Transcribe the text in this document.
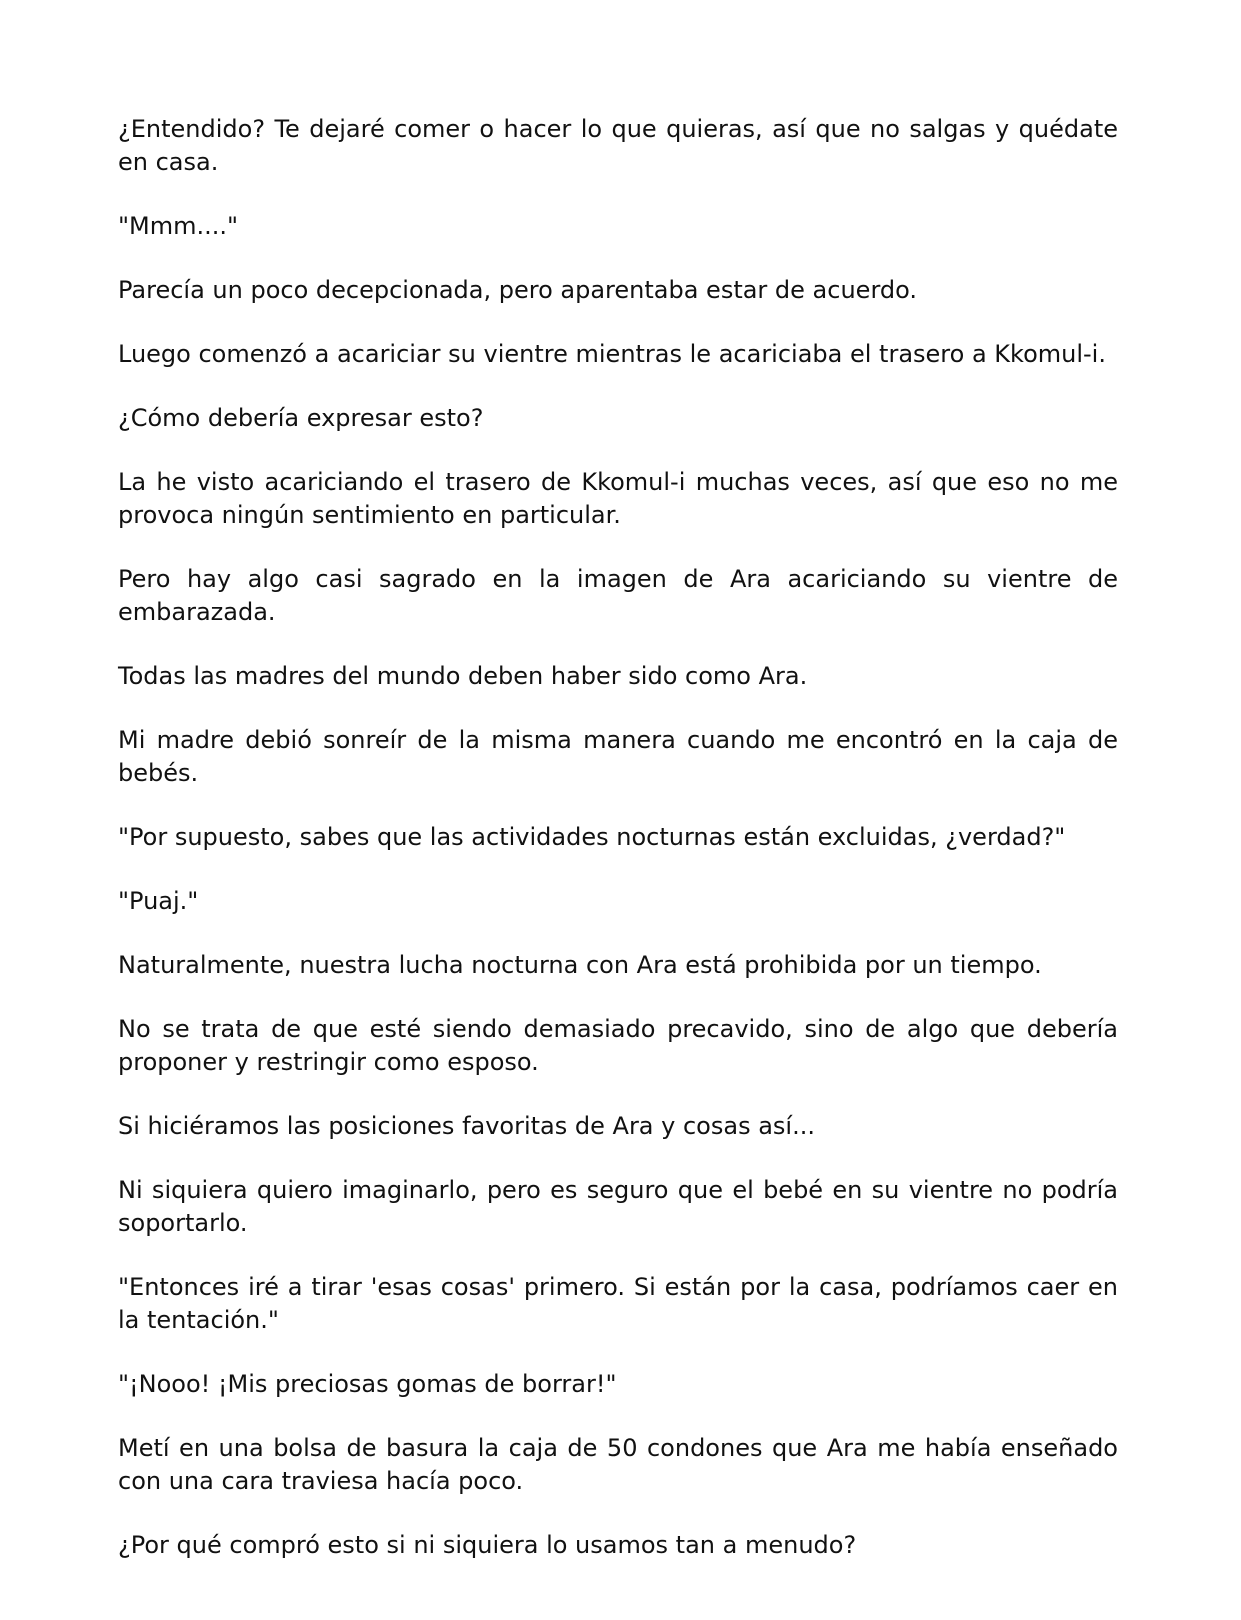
¿Entendido? Te dejaré comer o hacer lo que quieras, así que no salgas y quédate en casa.

"Mmm...."

Parecía un poco decepcionada, pero aparentaba estar de acuerdo.

Luego comenzó a acariciar su vientre mientras le acariciaba el trasero a Kkomul-i.

¿Cómo debería expresar esto?

La he visto acariciando el trasero de Kkomul-i muchas veces, así que eso no me provoca ningún sentimiento en particular.

Pero hay algo casi sagrado en la imagen de Ara acariciando su vientre de embarazada.

Todas las madres del mundo deben haber sido como Ara.

Mi madre debió sonreír de la misma manera cuando me encontró en la caja de bebés.

"Por supuesto, sabes que las actividades nocturnas están excluidas, ¿verdad?"

"Puaj."

Naturalmente, nuestra lucha nocturna con Ara está prohibida por un tiempo.

No se trata de que esté siendo demasiado precavido, sino de algo que debería proponer y restringir como esposo.

Si hiciéramos las posiciones favoritas de Ara y cosas así...

Ni siquiera quiero imaginarlo, pero es seguro que el bebé en su vientre no podría soportarlo.

"Entonces iré a tirar 'esas cosas' primero. Si están por la casa, podríamos caer en la tentación."

"¡Nooo! ¡Mis preciosas gomas de borrar!"

Metí en una bolsa de basura la caja de 50 condones que Ara me había enseñado con una cara traviesa hacía poco.

¿Por qué compró esto si ni siquiera lo usamos tan a menudo?
